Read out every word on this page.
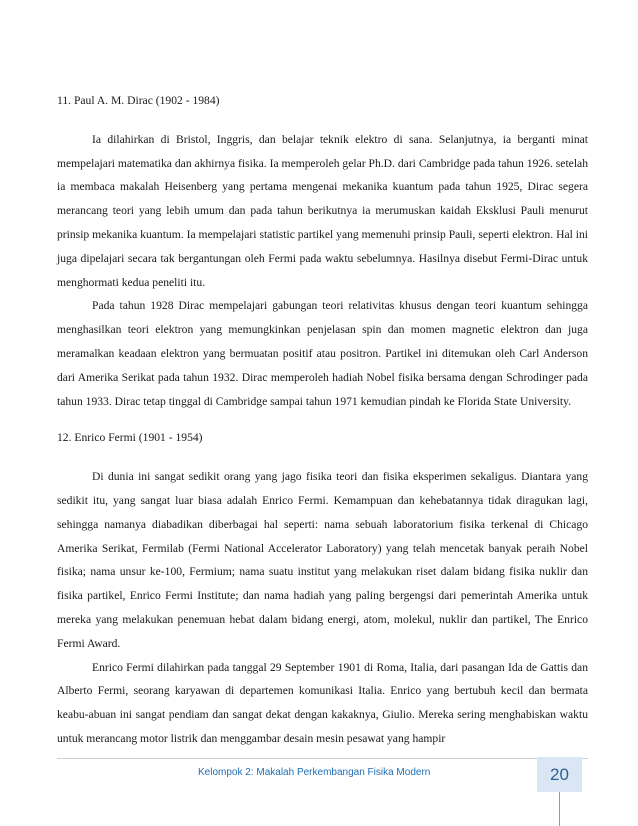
11. Paul A. M. Dirac (1902 - 1984)

Ia dilahirkan di Bristol, Inggris, dan belajar teknik elektro di sana. Selanjutnya, ia berganti minat mempelajari matematika dan akhirnya fisika. Ia memperoleh gelar Ph.D. dari Cambridge pada tahun 1926. setelah ia membaca makalah Heisenberg yang pertama mengenai mekanika kuantum pada tahun 1925, Dirac segera merancang teori yang lebih umum dan pada tahun berikutnya ia merumuskan kaidah Eksklusi Pauli menurut prinsip mekanika kuantum. Ia mempelajari statistic partikel yang memenuhi prinsip Pauli, seperti elektron. Hal ini juga dipelajari secara tak bergantungan oleh Fermi pada waktu sebelumnya. Hasilnya disebut Fermi-Dirac untuk menghormati kedua peneliti itu.

Pada tahun 1928 Dirac mempelajari gabungan teori relativitas khusus dengan teori kuantum sehingga menghasilkan teori elektron yang memungkinkan penjelasan spin dan momen magnetic elektron dan juga meramalkan keadaan elektron yang bermuatan positif atau positron. Partikel ini ditemukan oleh Carl Anderson dari Amerika Serikat pada tahun 1932. Dirac memperoleh hadiah Nobel fisika bersama dengan Schrodinger pada tahun 1933. Dirac tetap tinggal di Cambridge sampai tahun 1971 kemudian pindah ke Florida State University.

12. Enrico Fermi (1901 - 1954)

Di dunia ini sangat sedikit orang yang jago fisika teori dan fisika eksperimen sekaligus. Diantara yang sedikit itu, yang sangat luar biasa adalah Enrico Fermi. Kemampuan dan kehebatannya tidak diragukan lagi, sehingga namanya diabadikan diberbagai hal seperti: nama sebuah laboratorium fisika terkenal di Chicago Amerika Serikat, Fermilab (Fermi National Accelerator Laboratory) yang telah mencetak banyak peraih Nobel fisika; nama unsur ke-100, Fermium; nama suatu institut yang melakukan riset dalam bidang fisika nuklir dan fisika partikel, Enrico Fermi Institute; dan nama hadiah yang paling bergengsi dari pemerintah Amerika untuk mereka yang melakukan penemuan hebat dalam bidang energi, atom, molekul, nuklir dan partikel, The Enrico Fermi Award.

Enrico Fermi dilahirkan pada tanggal 29 September 1901 di Roma, Italia, dari pasangan Ida de Gattis dan Alberto Fermi, seorang karyawan di departemen komunikasi Italia. Enrico yang bertubuh kecil dan bermata keabu-abuan ini sangat pendiam dan sangat dekat dengan kakaknya, Giulio. Mereka sering menghabiskan waktu untuk merancang motor listrik dan menggambar desain mesin pesawat yang hampir

Kelompok 2: Makalah Perkembangan Fisika Modern	20
